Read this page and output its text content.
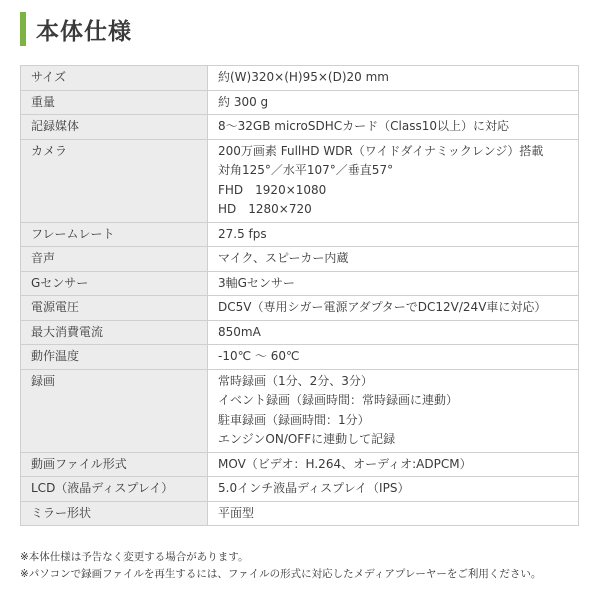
本体仕様
サイズ	約(W)320×(H)95×(D)20 mm

重量	約 300 g

記録媒体	8～32GB microSDHCカード（Class10以上）に対応

カメラ	200万画素 FullHD WDR（ワイドダイナミックレンジ）搭載
対角125°／水平107°／垂直57°
FHD　1920×1080
HD　1280×720

フレームレート	27.5 fps

音声	マイク、スピーカー内蔵

Gセンサー	3軸Gセンサー

電源電圧	DC5V（専用シガー電源アダプターでDC12V/24V車に対応）

最大消費電流	850mA

動作温度	-10℃ ～ 60℃

録画	常時録画（1分、2分、3分）
イベント録画（録画時間：常時録画に連動）
駐車録画（録画時間：1分）
エンジンON/OFFに連動して記録

動画ファイル形式	MOV（ビデオ：H.264、オーディオ:ADPCM）

LCD（液晶ディスプレイ）	5.0インチ液晶ディスプレイ（IPS）

ミラー形状	平面型
※本体仕様は予告なく変更する場合があります。
※パソコンで録画ファイルを再生するには、ファイルの形式に対応したメディアプレーヤーをご利用ください。
